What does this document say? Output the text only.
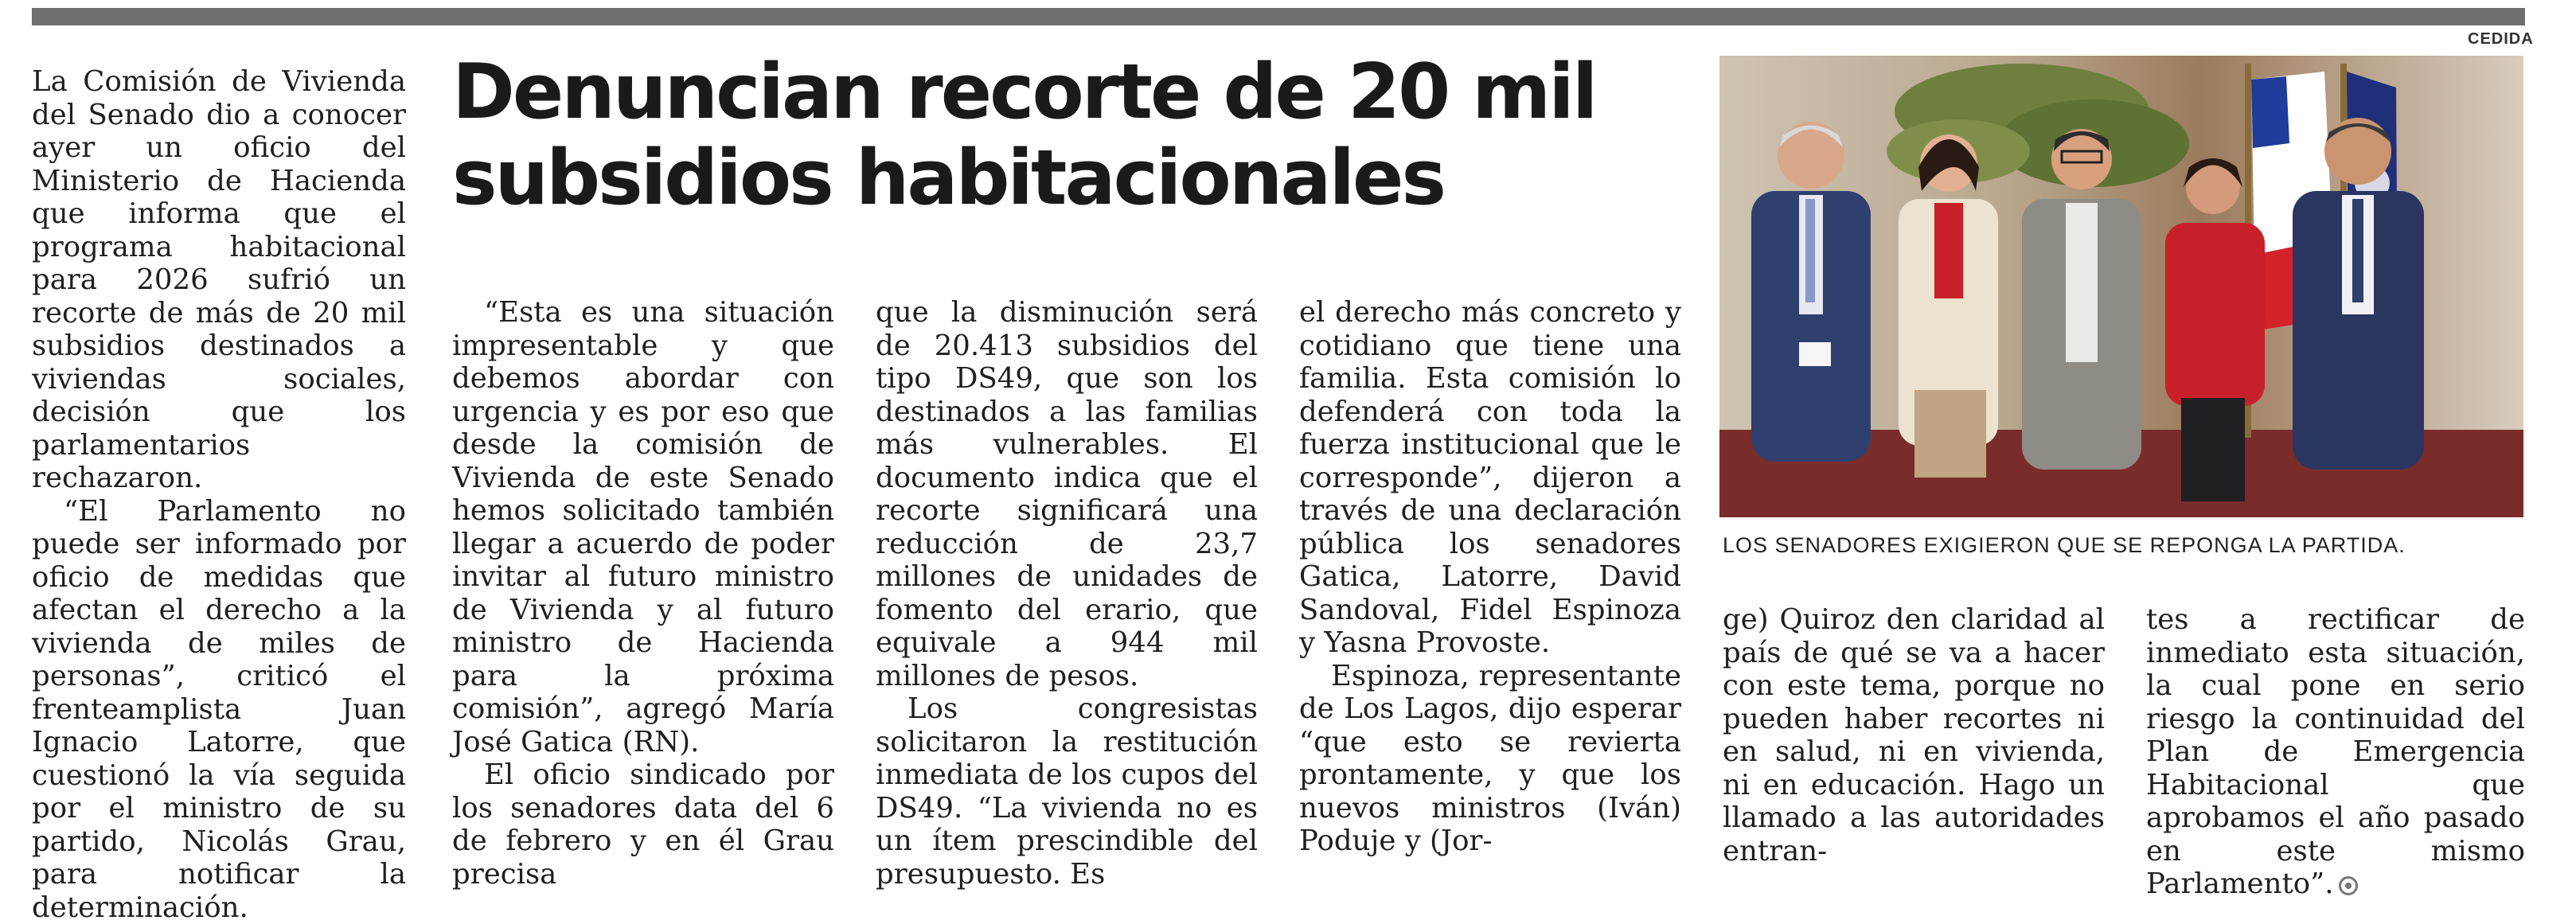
CEDIDA

La Comisión de Vivienda del Senado dio a conocer ayer un oficio del Ministerio de Hacienda que informa que el programa habitacional para 2026 sufrió un recorte de más de 20 mil subsidios destinados a viviendas sociales, decisión que los parlamentarios rechazaron.

“El Parlamento no puede ser informado por oficio de medidas que afectan el derecho a la vivienda de miles de personas”, criticó el frenteamplista Juan Ignacio Latorre, que cuestionó la vía seguida por el ministro de su partido, Nicolás Grau, para notificar la determinación.

Denuncian recorte de 20 mil subsidios habitacionales

“Esta es una situación impresentable y que debemos abordar con urgencia y es por eso que desde la comisión de Vivienda de este Senado hemos solicitado también llegar a acuerdo de poder invitar al futuro ministro de Vivienda y al futuro ministro de Hacienda para la próxima comisión”, agregó María José Gatica (RN).

El oficio sindicado por los senadores data del 6 de febrero y en él Grau precisa

que la disminución será de 20.413 subsidios del tipo DS49, que son los destinados a las familias más vulnerables. El documento indica que el recorte significará una reducción de 23,7 millones de unidades de fomento del erario, que equivale a 944 mil millones de pesos.

Los congresistas solicitaron la restitución inmediata de los cupos del DS49. “La vivienda no es un ítem prescindible del presupuesto. Es

el derecho más concreto y cotidiano que tiene una familia. Esta comisión lo defenderá con toda la fuerza institucional que le corresponde”, dijeron a través de una declaración pública los senadores Gatica, Latorre, David Sandoval, Fidel Espinoza y Yasna Provoste.

Espinoza, representante de Los Lagos, dijo esperar “que esto se revierta prontamente, y que los nuevos ministros (Iván) Poduje y (Jor-

LOS SENADORES EXIGIERON QUE SE REPONGA LA PARTIDA.

ge) Quiroz den claridad al país de qué se va a hacer con este tema, porque no pueden haber recortes ni en salud, ni en vivienda, ni en educación. Hago un llamado a las autoridades entran-

tes a rectificar de inmediato esta situación, la cual pone en serio riesgo la continuidad del Plan de Emergencia Habitacional que aprobamos el año pasado en este mismo Parlamento”.
